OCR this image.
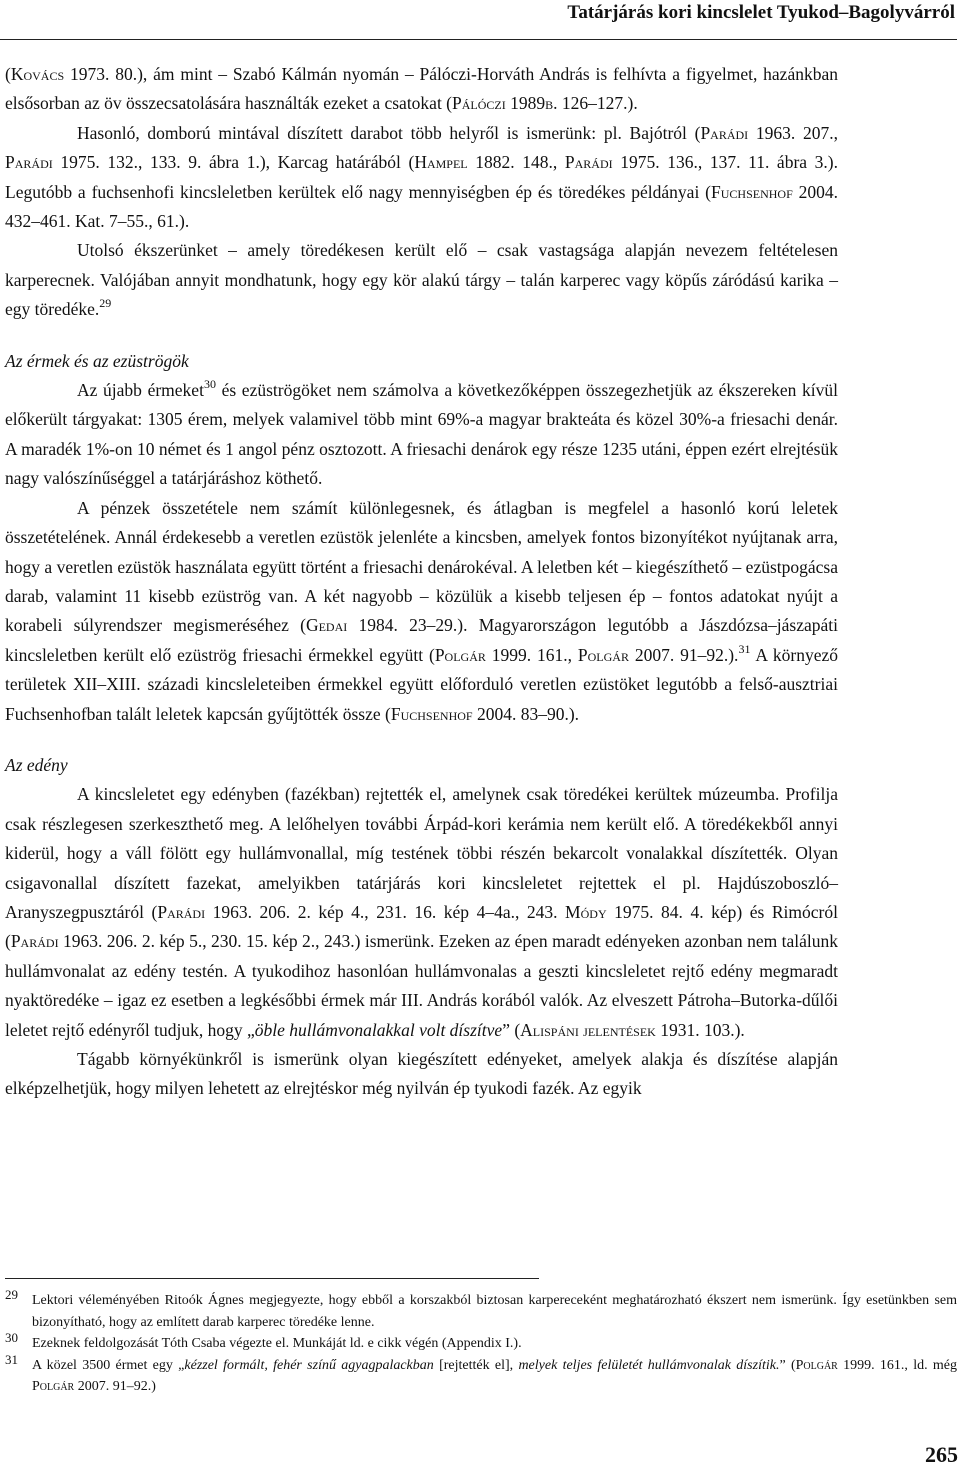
Tatárjárás kori kincslelet Tyukod–Bagolyvárról

(Kovács 1973. 80.), ám mint – Szabó Kálmán nyomán – Pálóczi-Horváth András is felhívta a figyelmet, hazánkban elsősorban az öv összecsatolására használták ezeket a csatokat (Pálóczi 1989b. 126–127.).

Hasonló, domború mintával díszített darabot több helyről is ismerünk: pl. Bajótról (Parádi 1963. 207., Parádi 1975. 132., 133. 9. ábra 1.), Karcag határából (Hampel 1882. 148., Parádi 1975. 136., 137. 11. ábra 3.). Legutóbb a fuchsenhofi kincsleletben kerültek elő nagy mennyiségben ép és töredékes példányai (Fuchsenhof 2004. 432–461. Kat. 7–55., 61.).

Utolsó ékszerünket – amely töredékesen került elő – csak vastagsága alapján nevezem feltételesen karperecnek. Valójában annyit mondhatunk, hogy egy kör alakú tárgy – talán karperec vagy köpűs záródású karika – egy töredéke.$^{29}$

Az érmek és az ezüströgök

Az újabb érmeket$^{30}$ és ezüströgöket nem számolva a következőképpen összegezhetjük az ékszereken kívül előkerült tárgyakat: 1305 érem, melyek valamivel több mint 69%-a magyar brakteáta és közel 30%-a friesachi denár. A maradék 1%-on 10 német és 1 angol pénz osztozott. A friesachi denárok egy része 1235 utáni, éppen ezért elrejtésük nagy valószínűséggel a tatárjáráshoz köthető.

A pénzek összetétele nem számít különlegesnek, és átlagban is megfelel a hasonló korú leletek összetételének. Annál érdekesebb a veretlen ezüstök jelenléte a kincsben, amelyek fontos bizonyítékot nyújtanak arra, hogy a veretlen ezüstök használata együtt történt a friesachi denárokéval. A leletben két – kiegészíthető – ezüstpogácsa darab, valamint 11 kisebb ezüströg van. A két nagyobb – közülük a kisebb teljesen ép – fontos adatokat nyújt a korabeli súlyrendszer megismeréséhez (Gedai 1984. 23–29.). Magyarországon legutóbb a Jászdózsa–jászapáti kincsleletben került elő ezüströg friesachi érmekkel együtt (Polgár 1999. 161., Polgár 2007. 91–92.).$^{31}$ A környező területek XII–XIII. századi kincsleleteiben érmekkel együtt előforduló veretlen ezüstöket legutóbb a felső-ausztriai Fuchsenhofban talált leletek kapcsán gyűjtötték össze (Fuchsenhof 2004. 83–90.).

Az edény

A kincsleletet egy edényben (fazékban) rejtették el, amelynek csak töredékei kerültek múzeumba. Profilja csak részlegesen szerkeszthető meg. A lelőhelyen további Árpád-kori kerámia nem került elő. A töredékekből annyi kiderül, hogy a váll fölött egy hullámvonallal, míg testének többi részén bekarcolt vonalakkal díszítették. Olyan csigavonallal díszített fazekat, amelyikben tatárjárás kori kincsleletet rejtettek el pl. Hajdúszoboszló–Aranyszegpusztáról (Parádi 1963. 206. 2. kép 4., 231. 16. kép 4–4a., 243. Módy 1975. 84. 4. kép) és Rimócról (Parádi 1963. 206. 2. kép 5., 230. 15. kép 2., 243.) ismerünk. Ezeken az épen maradt edényeken azonban nem találunk hullámvonalat az edény testén. A tyukodihoz hasonlóan hullámvonalas a geszti kincsleletet rejtő edény megmaradt nyaktöredéke – igaz ez esetben a legkésőbbi érmek már III. András korából valók. Az elveszett Pátroha–Butorka-dűlői leletet rejtő edényről tudjuk, hogy „öble hullámvonalakkal volt díszítve” (Alispáni jelentések 1931. 103.).

Tágabb környékünkről is ismerünk olyan kiegészített edényeket, amelyek alakja és díszítése alapján elképzelhetjük, hogy milyen lehetett az elrejtéskor még nyilván ép tyukodi fazék. Az egyik

29 Lektori véleményében Ritoók Ágnes megjegyezte, hogy ebből a korszakból biztosan karpereceként meghatározható ékszert nem ismerünk. Így esetünkben sem bizonyítható, hogy az említett darab karperec töredéke lenne.
30 Ezeknek feldolgozását Tóth Csaba végezte el. Munkáját ld. e cikk végén (Appendix I.).
31 A közel 3500 érmet egy „kézzel formált, fehér színű agyagpalackban [rejtették el], melyek teljes felületét hullámvonalak díszítik.” (Polgár 1999. 161., ld. még Polgár 2007. 91–92.)
265
